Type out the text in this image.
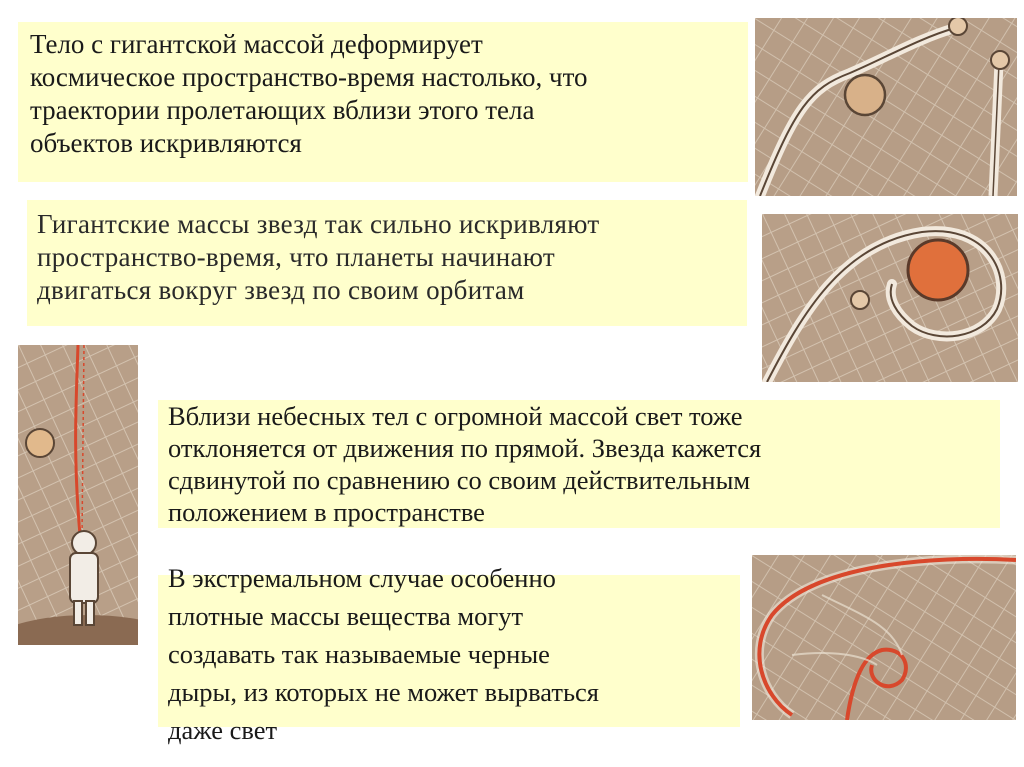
Тело с гигантской массой деформирует
космическое пространство-время настолько, что
траектории пролетающих вблизи этого тела
объектов искривляются

Гигантские массы звезд так сильно искривляют
пространство-время, что планеты начинают
двигаться вокруг звезд по своим орбитам

Вблизи небесных тел с огромной массой свет тоже
отклоняется от движения по прямой. Звезда кажется
сдвинутой по сравнению со своим действительным
положением в пространстве

В экстремальном случае особенно
плотные массы вещества могут
создавать так называемые черные
дыры, из которых не может вырваться
даже свет
